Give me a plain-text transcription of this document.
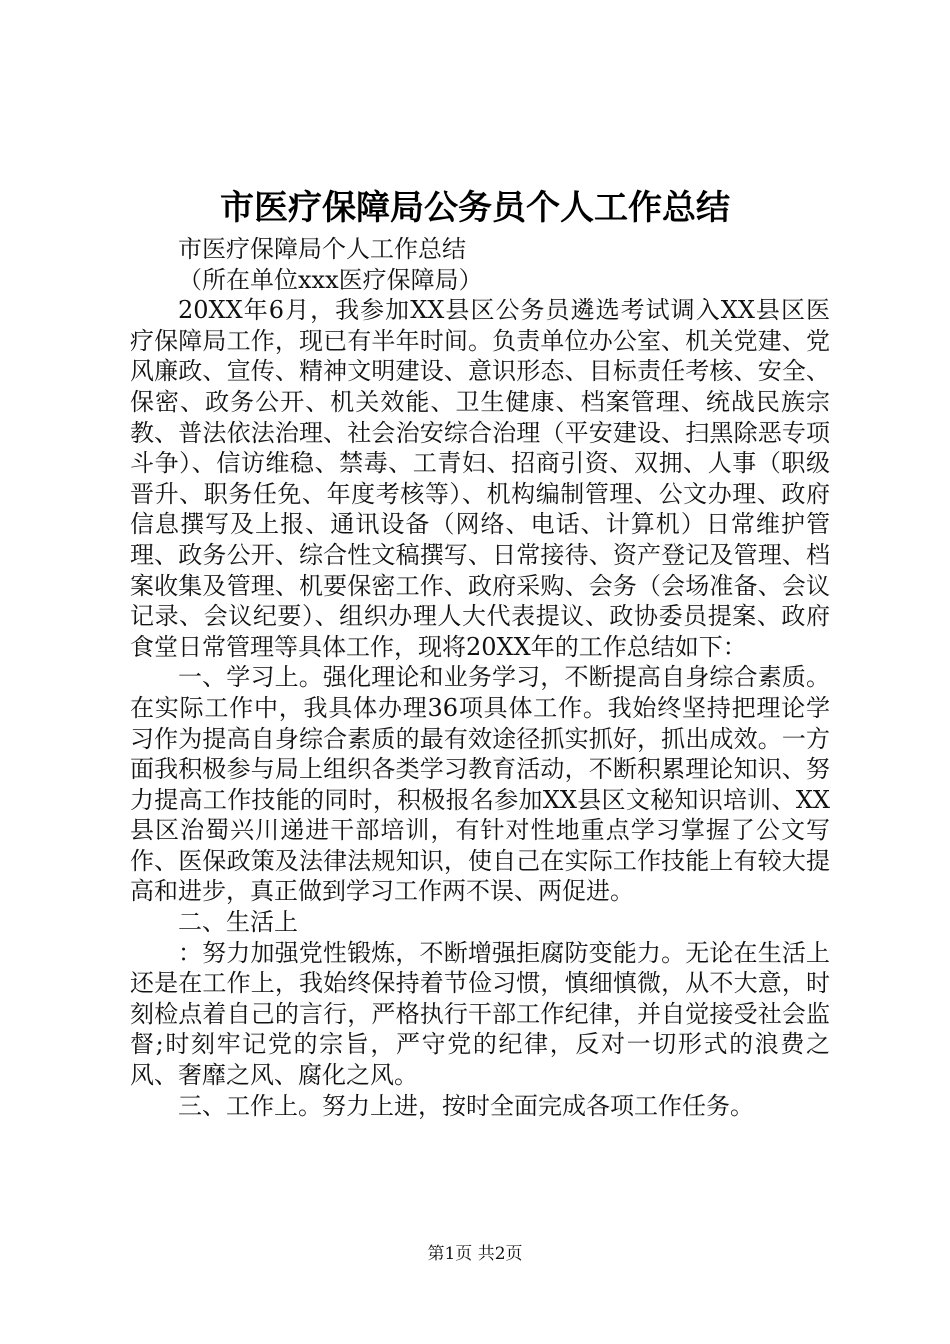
市医疗保障局公务员个人工作总结

市医疗保障局个人工作总结

（所在单位xxx医疗保障局）

20XX年6月，我参加XX县区公务员遴选考试调入XX县区医疗保障局工作，现已有半年时间。负责单位办公室、机关党建、党风廉政、宣传、精神文明建设、意识形态、目标责任考核、安全、保密、政务公开、机关效能、卫生健康、档案管理、统战民族宗教、普法依法治理、社会治安综合治理（平安建设、扫黑除恶专项斗争）、信访维稳、禁毒、工青妇、招商引资、双拥、人事（职级晋升、职务任免、年度考核等）、机构编制管理、公文办理、政府信息撰写及上报、通讯设备（网络、电话、计算机）日常维护管理、政务公开、综合性文稿撰写、日常接待、资产登记及管理、档案收集及管理、机要保密工作、政府采购、会务（会场准备、会议记录、会议纪要）、组织办理人大代表提议、政协委员提案、政府食堂日常管理等具体工作，现将20XX年的工作总结如下：

一、学习上。强化理论和业务学习，不断提高自身综合素质。在实际工作中，我具体办理36项具体工作。我始终坚持把理论学习作为提高自身综合素质的最有效途径抓实抓好，抓出成效。一方面我积极参与局上组织各类学习教育活动，不断积累理论知识、努力提高工作技能的同时，积极报名参加XX县区文秘知识培训、XX县区治蜀兴川递进干部培训，有针对性地重点学习掌握了公文写作、医保政策及法律法规知识，使自己在实际工作技能上有较大提高和进步，真正做到学习工作两不误、两促进。

二、生活上

：努力加强党性锻炼，不断增强拒腐防变能力。无论在生活上还是在工作上，我始终保持着节俭习惯，慎细慎微，从不大意，时刻检点着自己的言行，严格执行干部工作纪律，并自觉接受社会监督;时刻牢记党的宗旨，严守党的纪律，反对一切形式的浪费之风、奢靡之风、腐化之风。

三、工作上。努力上进，按时全面完成各项工作任务。

第1页 共2页
